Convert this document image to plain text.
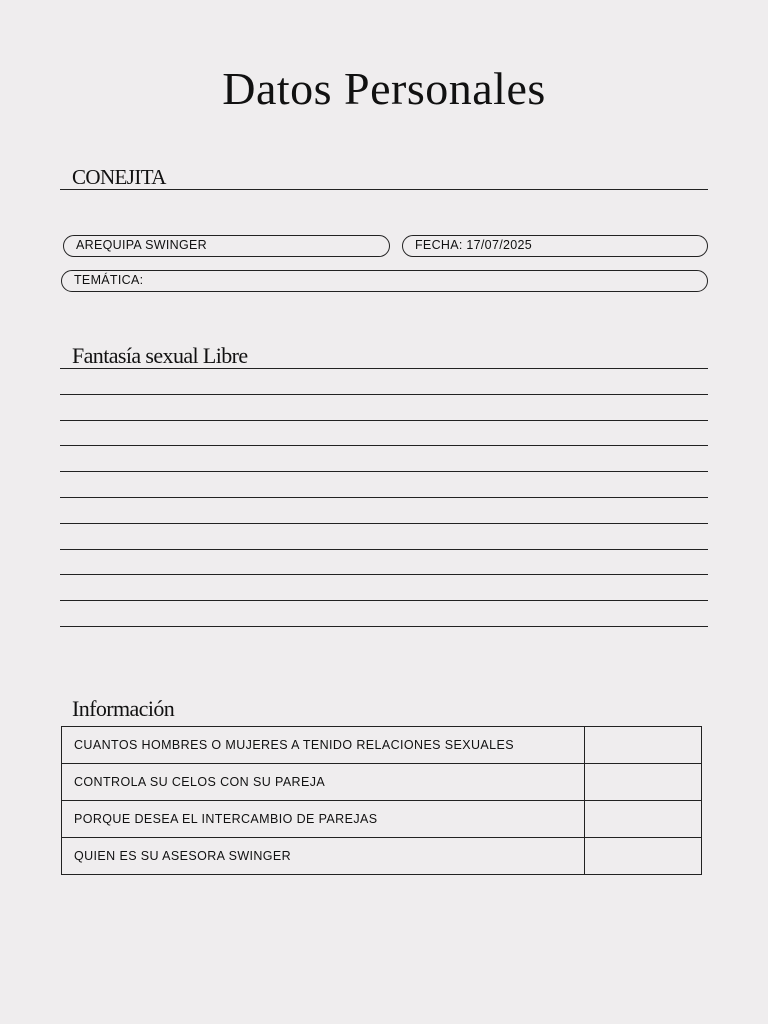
Datos Personales
CONEJITA
AREQUIPA SWINGER	FECHA: 17/07/2025
TEMÁTICA:
Fantasía sexual Libre
Información
CUANTOS HOMBRES O MUJERES A TENIDO RELACIONES SEXUALES	
CONTROLA SU CELOS CON SU PAREJA	
PORQUE DESEA EL INTERCAMBIO DE PAREJAS	
QUIEN ES SU ASESORA SWINGER	
